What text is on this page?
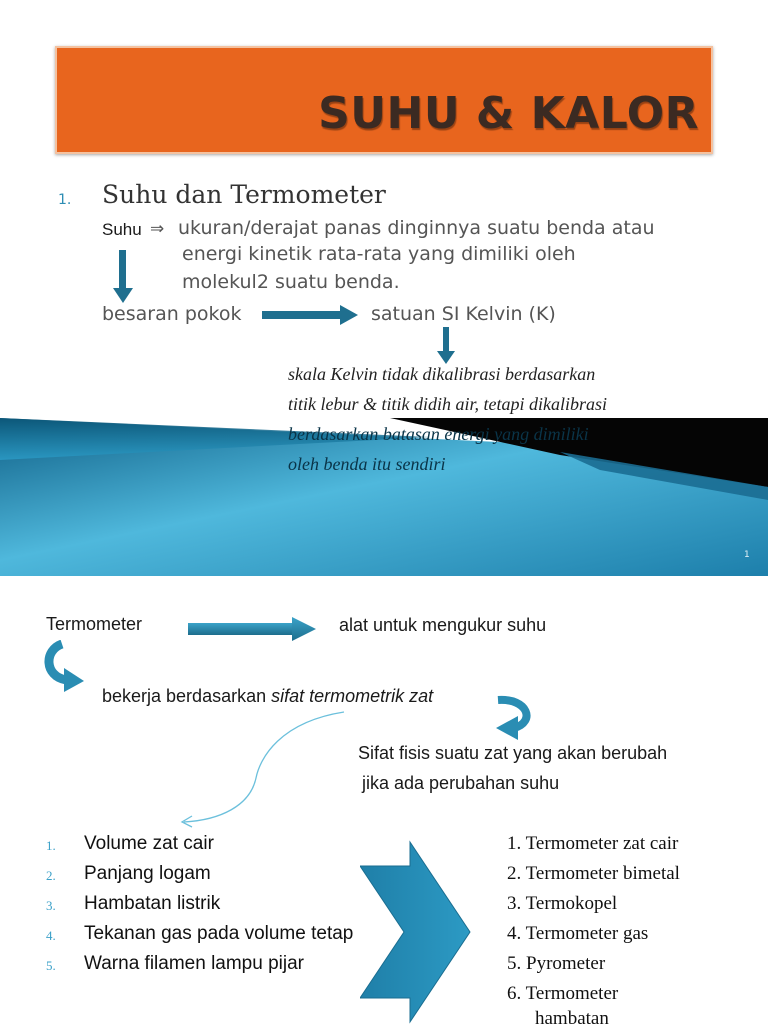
SUHU & KALOR
1. Suhu dan Termometer
Suhu ⇒ ukuran/derajat panas dinginnya suatu benda atau
energi kinetik rata-rata yang dimiliki oleh
molekul2 suatu benda.
besaran pokok	satuan SI Kelvin (K)
skala Kelvin tidak dikalibrasi berdasarkan
titik lebur & titik didih air, tetapi dikalibrasi
berdasarkan batasan energi yang dimiliki
oleh benda itu sendiri
1
Termometer	alat untuk mengukur suhu
bekerja berdasarkan sifat termometrik zat
Sifat fisis suatu zat yang akan berubah
jika ada perubahan suhu
1. Volume zat cair
2. Panjang logam
3. Hambatan listrik
4. Tekanan gas pada volume tetap
5. Warna filamen lampu pijar
1. Termometer zat cair
2. Termometer bimetal
3. Termokopel
4. Termometer gas
5. Pyrometer
6. Termometer
hambatan
